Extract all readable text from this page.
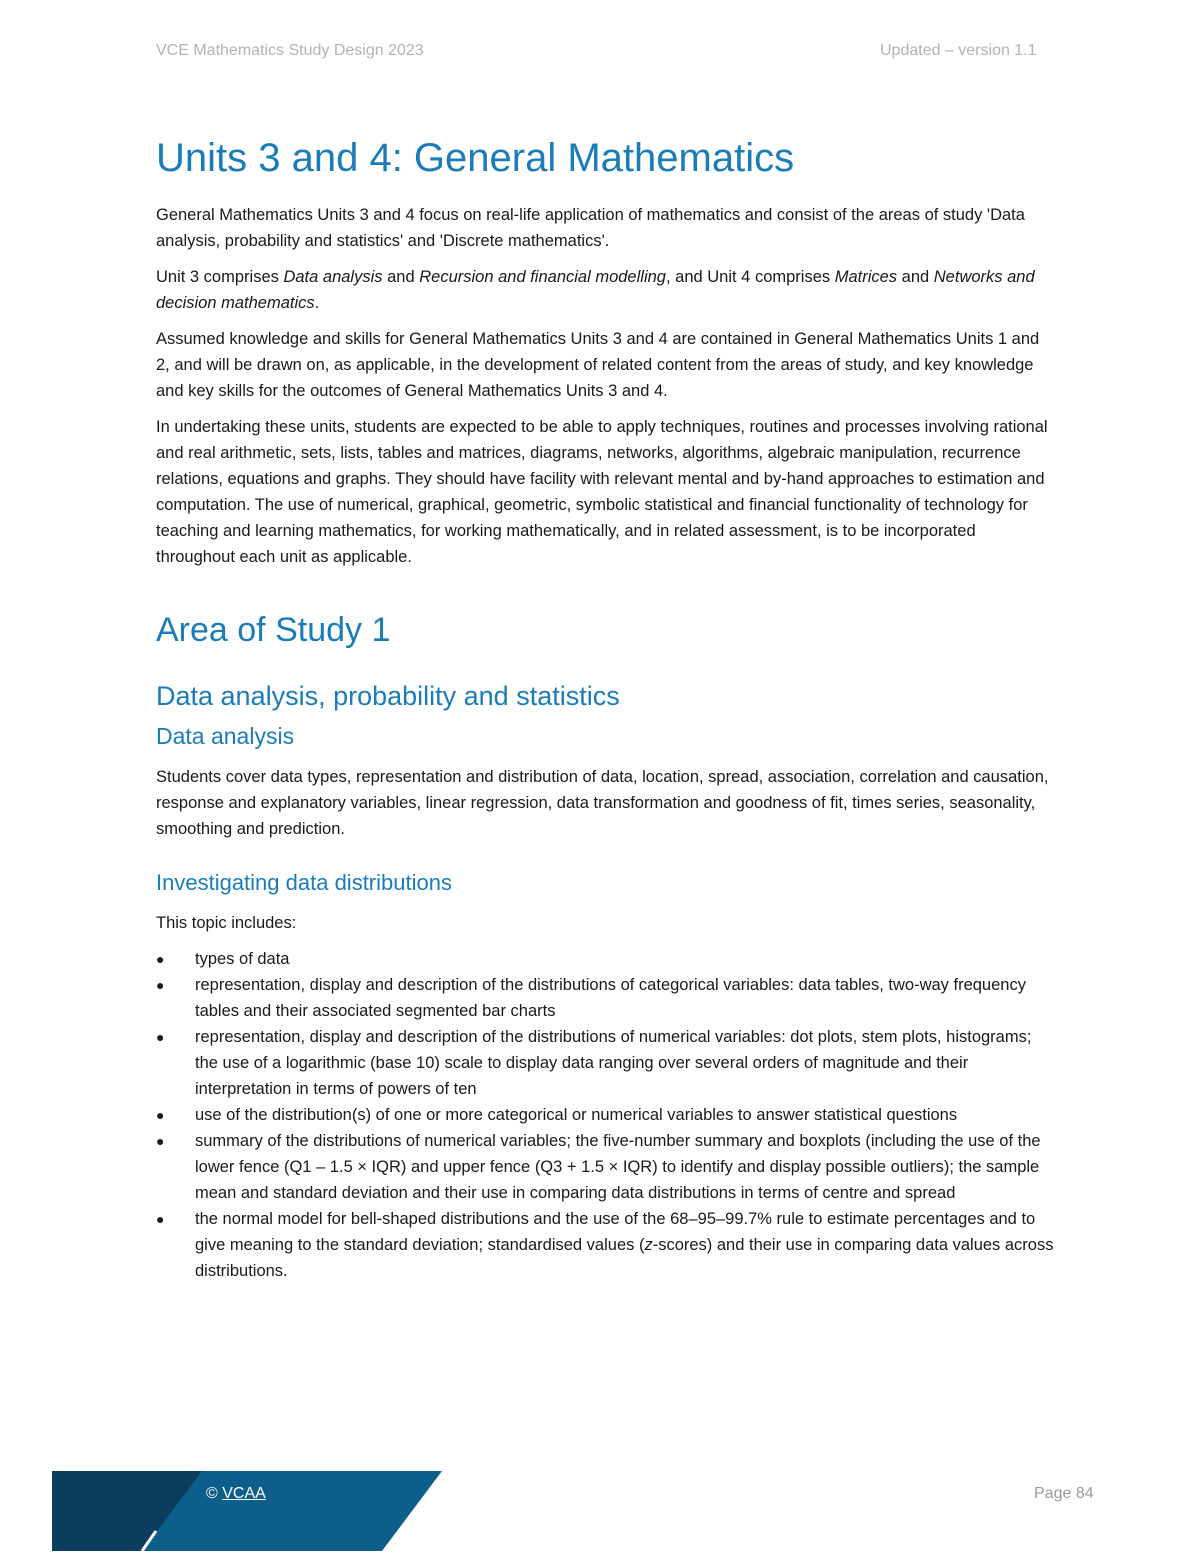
VCE Mathematics Study Design 2023	Updated – version 1.1
Units 3 and 4: General Mathematics

General Mathematics Units 3 and 4 focus on real-life application of mathematics and consist of the areas of study 'Data analysis, probability and statistics' and 'Discrete mathematics'.

Unit 3 comprises Data analysis and Recursion and financial modelling, and Unit 4 comprises Matrices and Networks and decision mathematics.

Assumed knowledge and skills for General Mathematics Units 3 and 4 are contained in General Mathematics Units 1 and 2, and will be drawn on, as applicable, in the development of related content from the areas of study, and key knowledge and key skills for the outcomes of General Mathematics Units 3 and 4.

In undertaking these units, students are expected to be able to apply techniques, routines and processes involving rational and real arithmetic, sets, lists, tables and matrices, diagrams, networks, algorithms, algebraic manipulation, recurrence relations, equations and graphs. They should have facility with relevant mental and by-hand approaches to estimation and computation. The use of numerical, graphical, geometric, symbolic statistical and financial functionality of technology for teaching and learning mathematics, for working mathematically, and in related assessment, is to be incorporated throughout each unit as applicable.

Area of Study 1
Data analysis, probability and statistics
Data analysis

Students cover data types, representation and distribution of data, location, spread, association, correlation and causation, response and explanatory variables, linear regression, data transformation and goodness of fit, times series, seasonality, smoothing and prediction.

Investigating data distributions

This topic includes:

● types of data
● representation, display and description of the distributions of categorical variables: data tables, two-way frequency tables and their associated segmented bar charts
● representation, display and description of the distributions of numerical variables: dot plots, stem plots, histograms; the use of a logarithmic (base 10) scale to display data ranging over several orders of magnitude and their interpretation in terms of powers of ten
● use of the distribution(s) of one or more categorical or numerical variables to answer statistical questions
● summary of the distributions of numerical variables; the five-number summary and boxplots (including the use of the lower fence (Q1 – 1.5 × IQR) and upper fence (Q3 + 1.5 × IQR) to identify and display possible outliers); the sample mean and standard deviation and their use in comparing data distributions in terms of centre and spread
● the normal model for bell-shaped distributions and the use of the 68–95–99.7% rule to estimate percentages and to give meaning to the standard deviation; standardised values (z-scores) and their use in comparing data values across distributions.
© VCAA	Page 84
